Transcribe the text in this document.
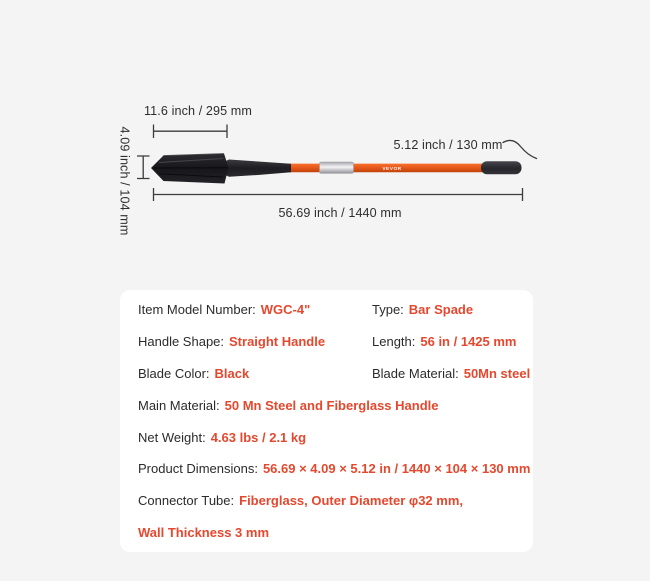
VEVOR
11.6 inch / 295 mm
4.09 inch / 104 mm	5.12 inch / 130 mm
56.69 inch / 1440 mm
Item Model Number: WGC-4"	Type: Bar Spade
Handle Shape: Straight Handle	Length: 56 in / 1425 mm
Blade Color: Black	Blade Material: 50Mn steel
Main Material: 50 Mn Steel and Fiberglass Handle
Net Weight: 4.63 lbs / 2.1 kg
Product Dimensions: 56.69 × 4.09 × 5.12 in / 1440 × 104 × 130 mm
Connector Tube: Fiberglass, Outer Diameter φ32 mm,
Wall Thickness 3 mm
